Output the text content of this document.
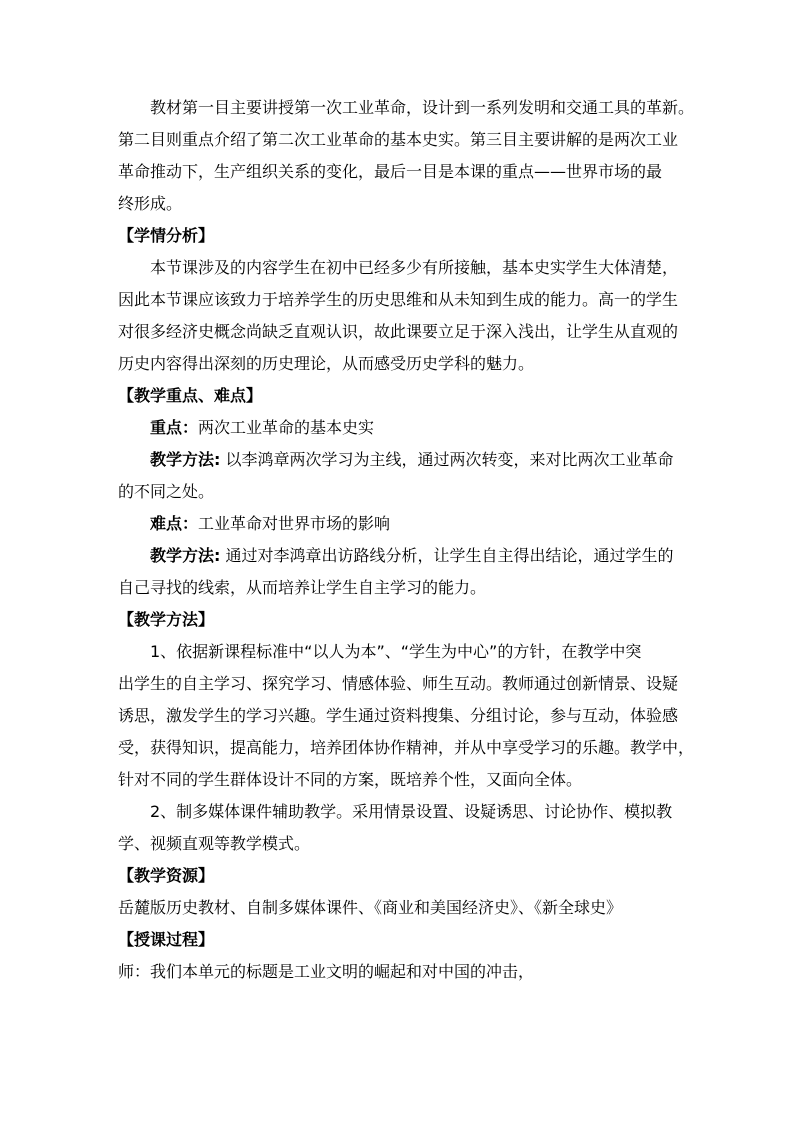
教材第一目主要讲授第一次工业革命，设计到一系列发明和交通工具的革新。
第二目则重点介绍了第二次工业革命的基本史实。第三目主要讲解的是两次工业
革命推动下，生产组织关系的变化，最后一目是本课的重点——世界市场的最
终形成。
【学情分析】
本节课涉及的内容学生在初中已经多少有所接触，基本史实学生大体清楚，
因此本节课应该致力于培养学生的历史思维和从未知到生成的能力。高一的学生
对很多经济史概念尚缺乏直观认识，故此课要立足于深入浅出，让学生从直观的
历史内容得出深刻的历史理论，从而感受历史学科的魅力。
【教学重点、难点】
重点：两次工业革命的基本史实
教学方法: 以李鸿章两次学习为主线，通过两次转变，来对比两次工业革命
的不同之处。
难点：工业革命对世界市场的影响
教学方法: 通过对李鸿章出访路线分析，让学生自主得出结论，通过学生的
自己寻找的线索，从而培养让学生自主学习的能力。
【教学方法】
1、依据新课程标准中“以人为本”、“学生为中心”的方针，在教学中突
出学生的自主学习、探究学习、情感体验、师生互动。教师通过创新情景、设疑
诱思，激发学生的学习兴趣。学生通过资料搜集、分组讨论，参与互动，体验感
受，获得知识，提高能力，培养团体协作精神，并从中享受学习的乐趣。教学中，
针对不同的学生群体设计不同的方案，既培养个性，又面向全体。
2、制多媒体课件辅助教学。采用情景设置、设疑诱思、讨论协作、模拟教
学、视频直观等教学模式。
【教学资源】
岳麓版历史教材、自制多媒体课件、《商业和美国经济史》、《新全球史》
【授课过程】
师：我们本单元的标题是工业文明的崛起和对中国的冲击，
